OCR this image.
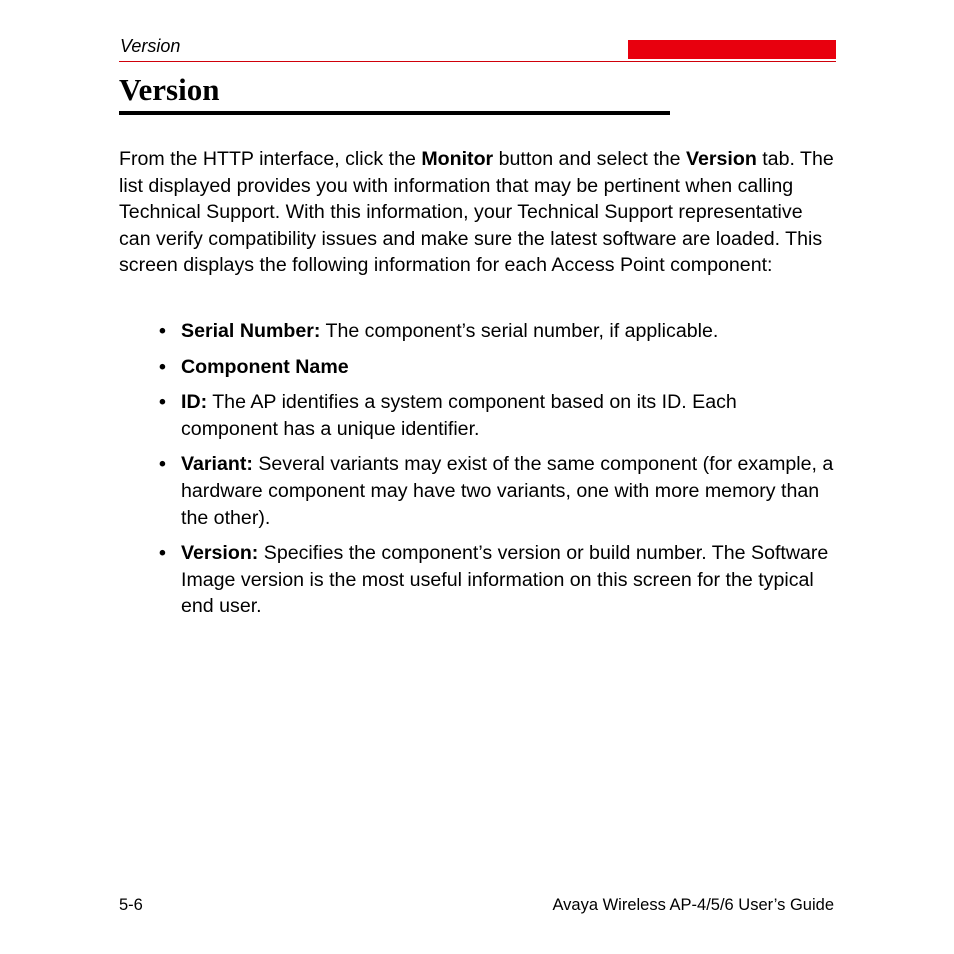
Version
Version

From the HTTP interface, click the Monitor button and select the Version tab. The list displayed provides you with information that may be pertinent when calling Technical Support. With this information, your Technical Support representative can verify compatibility issues and make sure the latest software are loaded. This screen displays the following information for each Access Point component:

• Serial Number: The component’s serial number, if applicable.
• Component Name
• ID: The AP identifies a system component based on its ID. Each component has a unique identifier.
• Variant: Several variants may exist of the same component (for example, a hardware component may have two variants, one with more memory than the other).
• Version: Specifies the component’s version or build number. The Software Image version is the most useful information on this screen for the typical end user.
5-6	Avaya Wireless AP-4/5/6 User’s Guide
